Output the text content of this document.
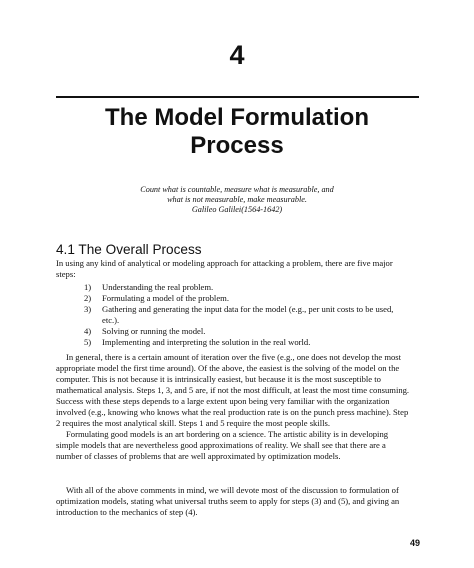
4
The Model Formulation
Process
Count what is countable, measure what is measurable, and
what is not measurable, make measurable.
Galileo Galilei(1564-1642)
4.1 The Overall Process
In using any kind of analytical or modeling approach for attacking a problem, there are five major
steps:
1)	Understanding the real problem.
2)	Formulating a model of the problem.
3)	Gathering and generating the input data for the model (e.g., per unit costs to be used,
etc.).
4)	Solving or running the model.
5)	Implementing and interpreting the solution in the real world.
In general, there is a certain amount of iteration over the five (e.g., one does not develop the most
appropriate model the first time around). Of the above, the easiest is the solving of the model on the
computer. This is not because it is intrinsically easiest, but because it is the most susceptible to
mathematical analysis. Steps 1, 3, and 5 are, if not the most difficult, at least the most time consuming.
Success with these steps depends to a large extent upon being very familiar with the organization
involved (e.g., knowing who knows what the real production rate is on the punch press machine). Step
2 requires the most analytical skill. Steps 1 and 5 require the most people skills.
Formulating good models is an art bordering on a science. The artistic ability is in developing
simple models that are nevertheless good approximations of reality. We shall see that there are a
number of classes of problems that are well approximated by optimization models.
With all of the above comments in mind, we will devote most of the discussion to formulation of
optimization models, stating what universal truths seem to apply for steps (3) and (5), and giving an
introduction to the mechanics of step (4).
49
